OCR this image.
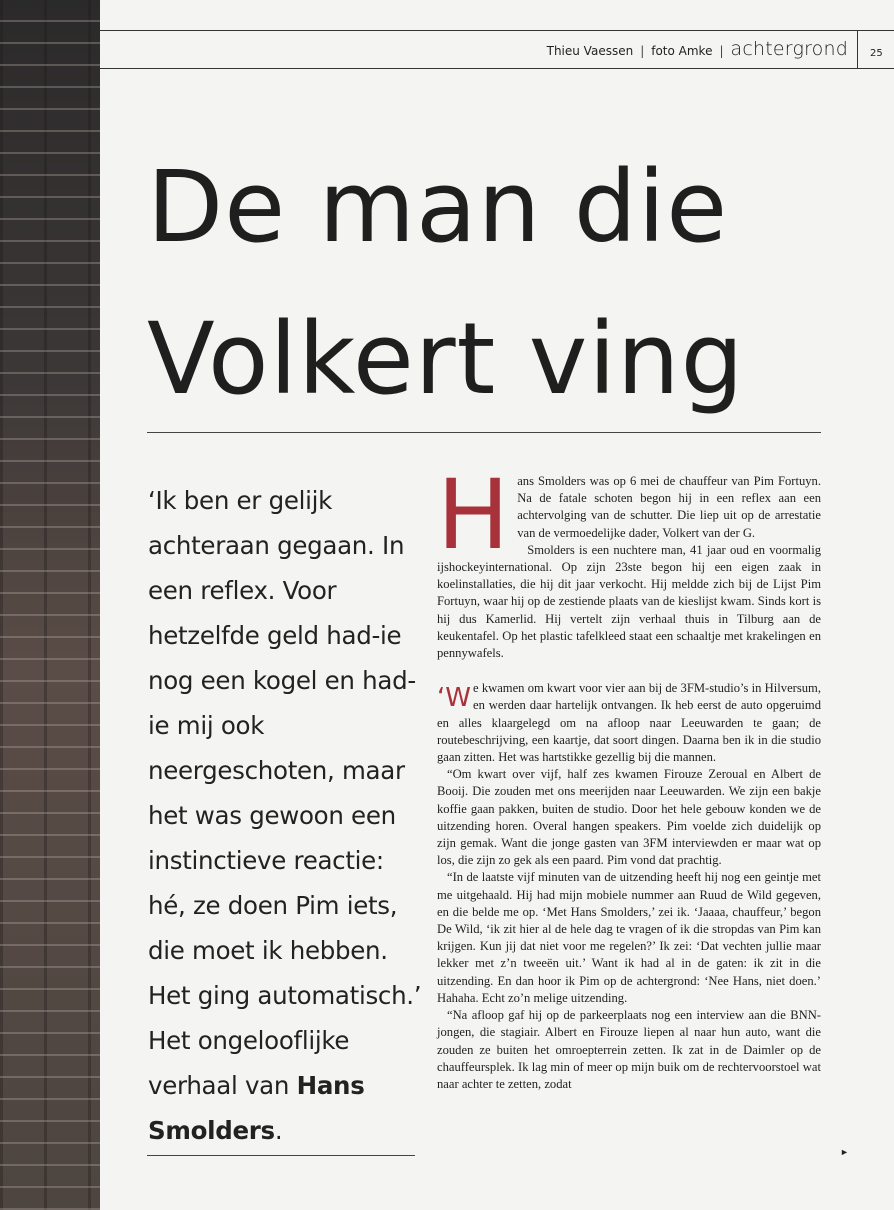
Thieu Vaessen | foto Amke | achtergrond 25
De man die
Volkert ving
‘Ik ben er gelijk achteraan gegaan. In een reflex. Voor hetzelfde geld had-ie nog een kogel en had-ie mij ook neergeschoten, maar het was gewoon een instinctieve reactie: hé, ze doen Pim iets, die moet ik hebben. Het ging automatisch.’ Het ongelooflijke verhaal van Hans Smolders.

Hans Smolders was op 6 mei de chauffeur van Pim Fortuyn. Na de fatale schoten begon hij in een reflex aan een achtervolging van de schutter. Die liep uit op de arrestatie van de vermoedelijke dader, Volkert van der G.

Smolders is een nuchtere man, 41 jaar oud en voormalig ijshockeyinternational. Op zijn 23ste begon hij een eigen zaak in koelinstallaties, die hij dit jaar verkocht. Hij meldde zich bij de Lijst Pim Fortuyn, waar hij op de zestiende plaats van de kieslijst kwam. Sinds kort is hij dus Kamerlid. Hij vertelt zijn verhaal thuis in Tilburg aan de keukentafel. Op het plastic tafelkleed staat een schaaltje met krakelingen en pennywafels.

‘We kwamen om kwart voor vier aan bij de 3FM-studio’s in Hilversum, en werden daar hartelijk ontvangen. Ik heb eerst de auto opgeruimd en alles klaargelegd om na afloop naar Leeuwarden te gaan; de routebeschrijving, een kaartje, dat soort dingen. Daarna ben ik in die studio gaan zitten. Het was hartstikke gezellig bij die mannen.

“Om kwart over vijf, half zes kwamen Firouze Zeroual en Albert de Booij. Die zouden met ons meerijden naar Leeuwarden. We zijn een bakje koffie gaan pakken, buiten de studio. Door het hele gebouw konden we de uitzending horen. Overal hangen speakers. Pim voelde zich duidelijk op zijn gemak. Want die jonge gasten van 3FM interviewden er maar wat op los, die zijn zo gek als een paard. Pim vond dat prachtig.

“In de laatste vijf minuten van de uitzending heeft hij nog een geintje met me uitgehaald. Hij had mijn mobiele nummer aan Ruud de Wild gegeven, en die belde me op. ‘Met Hans Smolders,’ zei ik. ‘Jaaaa, chauffeur,’ begon De Wild, ‘ik zit hier al de hele dag te vragen of ik die stropdas van Pim kan krijgen. Kun jij dat niet voor me regelen?’ Ik zei: ‘Dat vechten jullie maar lekker met z’n tweeën uit.’ Want ik had al in de gaten: ik zit in die uitzending. En dan hoor ik Pim op de achtergrond: ‘Nee Hans, niet doen.’ Hahaha. Echt zo’n melige uitzending.

“Na afloop gaf hij op de parkeerplaats nog een interview aan die BNN-jongen, die stagiair. Albert en Firouze liepen al naar hun auto, want die zouden ze buiten het omroepterrein zetten. Ik zat in de Daimler op de chauffeursplek. Ik lag min of meer op mijn buik om de rechtervoorstoel wat naar achter te zetten, zodat

►
